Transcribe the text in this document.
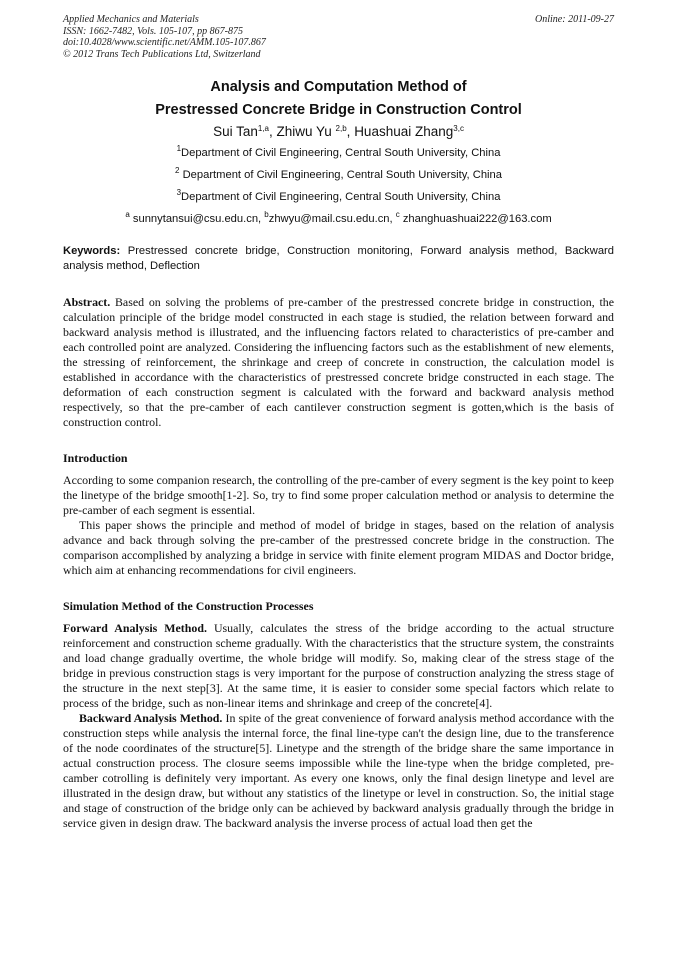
Applied Mechanics and Materials
ISSN: 1662-7482, Vols. 105-107, pp 867-875
doi:10.4028/www.scientific.net/AMM.105-107.867
© 2012 Trans Tech Publications Ltd, Switzerland
Online: 2011-09-27
Analysis and Computation Method of
Prestressed Concrete Bridge in Construction Control
Sui Tan$^{1,a}$, Zhiwu Yu $^{2,b}$, Huashuai Zhang$^{3,c}$
$^1$Department of Civil Engineering, Central South University, China
$^2$ Department of Civil Engineering, Central South University, China
$^3$Department of Civil Engineering, Central South University, China
$^a$ sunnytansui@csu.edu.cn, $^b$zhwyu@mail.csu.edu.cn, $^c$ zhanghuashuai222@163.com
Keywords: Prestressed concrete bridge, Construction monitoring, Forward analysis method, Backward analysis method, Deflection

Abstract. Based on solving the problems of pre-camber of the prestressed concrete bridge in construction, the calculation principle of the bridge model constructed in each stage is studied, the relation between forward and backward analysis method is illustrated, and the influencing factors related to characteristics of pre-camber and each controlled point are analyzed. Considering the influencing factors such as the establishment of new elements, the stressing of reinforcement, the shrinkage and creep of concrete in construction, the calculation model is established in accordance with the characteristics of prestressed concrete bridge constructed in each stage. The deformation of each construction segment is calculated with the forward and backward analysis method respectively, so that the pre-camber of each cantilever construction segment is gotten,which is the basis of construction control.

Introduction

According to some companion research, the controlling of the pre-camber of every segment is the key point to keep the linetype of the bridge smooth[1-2]. So, try to find some proper calculation method or analysis to determine the pre-camber of each segment is essential.

This paper shows the principle and method of model of bridge in stages, based on the relation of analysis advance and back through solving the pre-camber of the prestressed concrete bridge in the construction. The comparison accomplished by analyzing a bridge in service with finite element program MIDAS and Doctor bridge, which aim at enhancing recommendations for civil engineers.

Simulation Method of the Construction Processes

Forward Analysis Method. Usually, calculates the stress of the bridge according to the actual structure reinforcement and construction scheme gradually. With the characteristics that the structure system, the constraints and load change gradually overtime, the whole bridge will modify. So, making clear of the stress stage of the bridge in previous construction stags is very important for the purpose of construction analyzing the stress stage of the structure in the next step[3]. At the same time, it is easier to consider some special factors which relate to process of the bridge, such as non-linear items and shrinkage and creep of the concrete[4].

Backward Analysis Method. In spite of the great convenience of forward analysis method accordance with the construction steps while analysis the internal force, the final line-type can't the design line, due to the transference of the node coordinates of the structure[5]. Linetype and the strength of the bridge share the same importance in actual construction process. The closure seems impossible while the line-type when the bridge completed, pre-camber cotrolling is definitely very important. As every one knows, only the final design linetype and level are illustrated in the design draw, but without any statistics of the linetype or level in construction. So, the initial stage and stage of construction of the bridge only can be achieved by backward analysis gradually through the bridge in service given in design draw. The backward analysis the inverse process of actual load then get the
